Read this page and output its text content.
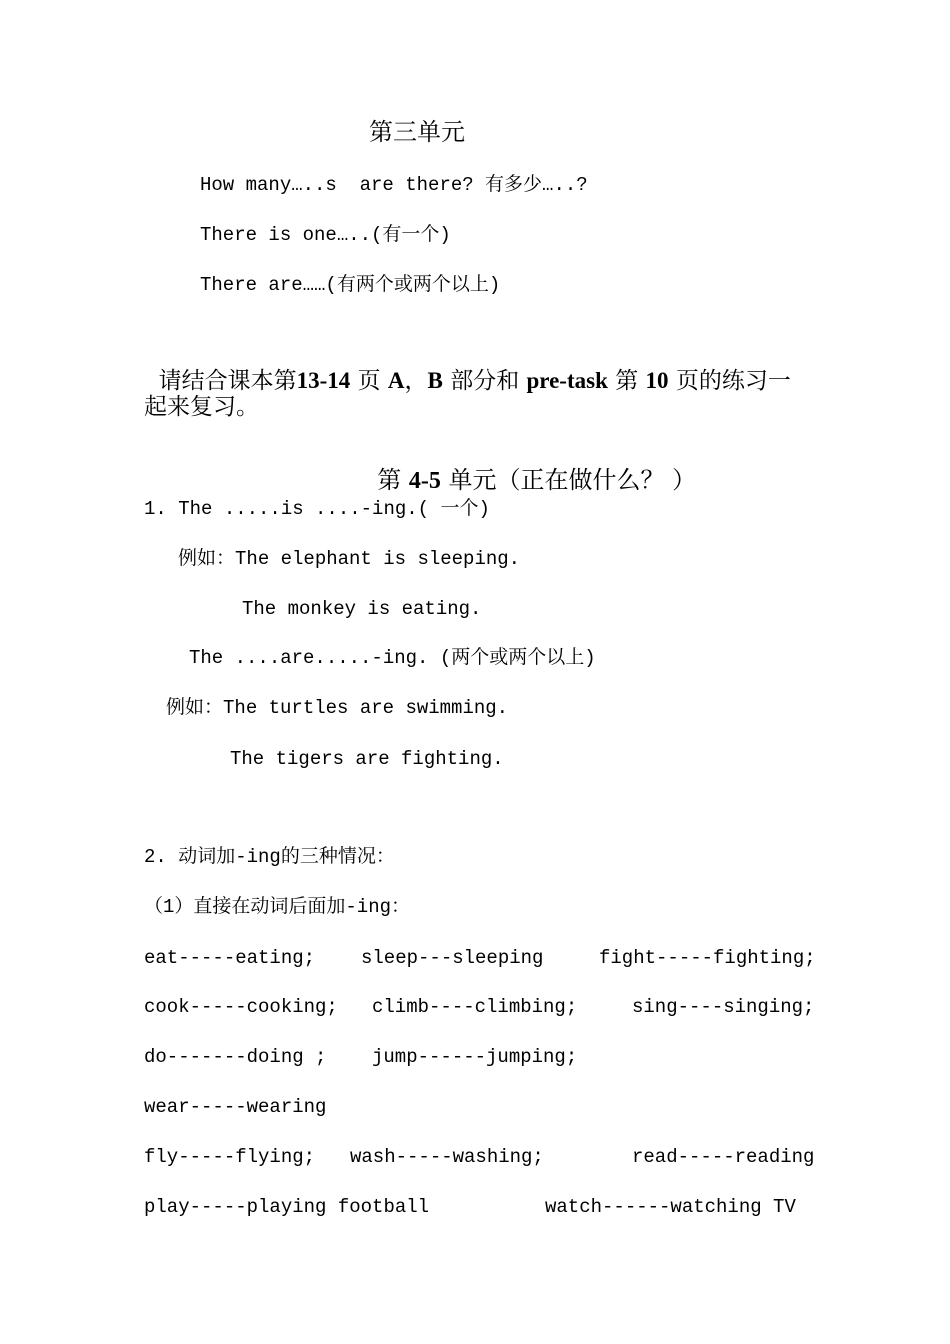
第三单元
How many…..s  are there? 有多少…..?
There is one…..(有一个)
There are……(有两个或两个以上)

请结合课本第13-14 页 A，B 部分和 pre-task 第 10 页的练习一

起来复习。

第 4-5 单元（正在做什么？ ）

1. The .....is ....-ing.( 一个)
例如：The elephant is sleeping.
The monkey is eating.
The ....are.....-ing. (两个或两个以上)
例如：The turtles are swimming.
The tigers are fighting.
2. 动词加-ing的三种情况：
（1）直接在动词后面加-ing：
eat-----eating; sleep---sleeping	fight-----fighting;
cook-----cooking; climb----climbing;	sing----singing;
do-------doing ; jump------jumping;
wear-----wearing
fly-----flying; wash-----washing;	read-----reading
play-----playing football	watch------watching TV
